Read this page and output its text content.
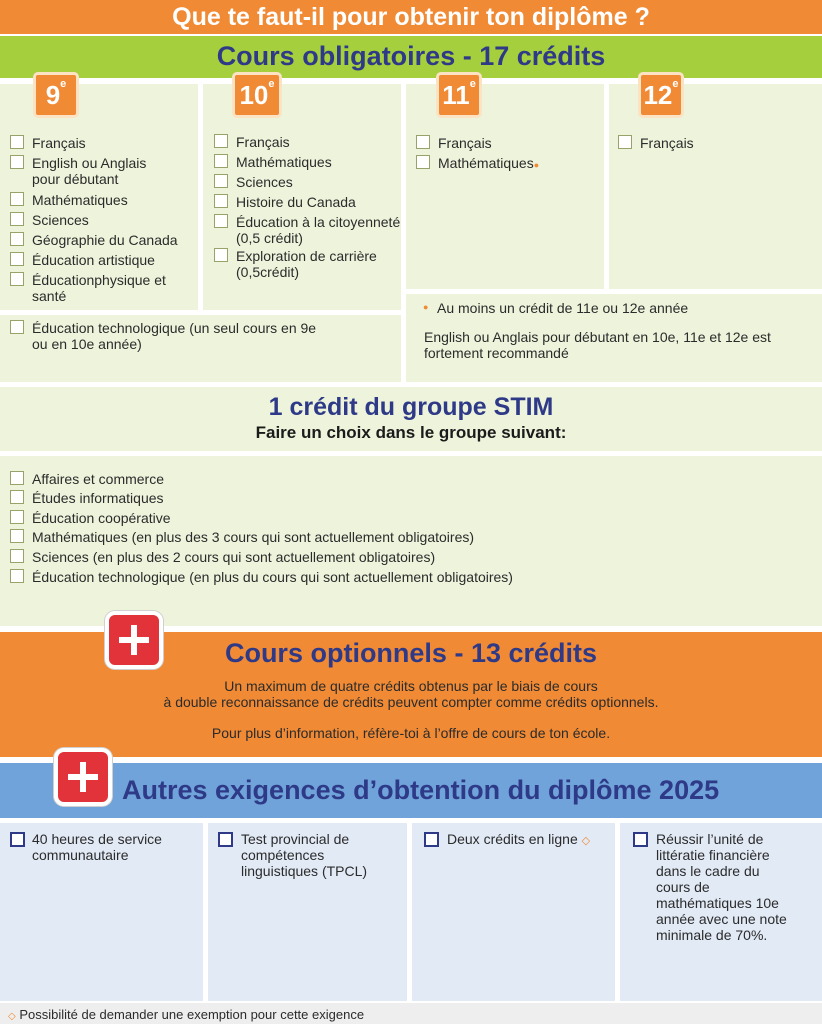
Que te faut-il pour obtenir ton diplôme ?
Cours obligatoires - 17 crédits
9e	10e	11e	12e
Français
English ou Anglais pour débutant
Mathématiques
Sciences
Géographie du Canada
Éducation artistique
Éducationphysique et santé
Français
Mathématiques
Sciences
Histoire du Canada
Éducation à la citoyenneté (0,5 crédit)
Exploration de carrière (0,5crédit)
Français
Mathématiques●
Français
Éducation technologique (un seul cours en 9e ou en 10e année)
● Au moins un crédit de 11e ou 12e année
English ou Anglais pour débutant en 10e, 11e et 12e est fortement recommandé
1 crédit du groupe STIM
Faire un choix dans le groupe suivant:
Affaires et commerce
Études informatiques
Éducation coopérative
Mathématiques (en plus des 3 cours qui sont actuellement obligatoires)
Sciences (en plus des 2 cours qui sont actuellement obligatoires)
Éducation technologique (en plus du cours qui sont actuellement obligatoires)
Cours optionnels - 13 crédits
Un maximum de quatre crédits obtenus par le biais de cours
à double reconnaissance de crédits peuvent compter comme crédits optionnels.
Pour plus d’information, réfère-toi à l’offre de cours de ton école.
Autres exigences d’obtention du diplôme 2025
40 heures de service communautaire
Test provincial de compétences linguistiques (TPCL)
Deux crédits en ligne ◇	Réussir l’unité de littératie financière dans le cadre du cours de mathématiques 10e année avec une note minimale de 70%.
◇ Possibilité de demander une exemption pour cette exigence
